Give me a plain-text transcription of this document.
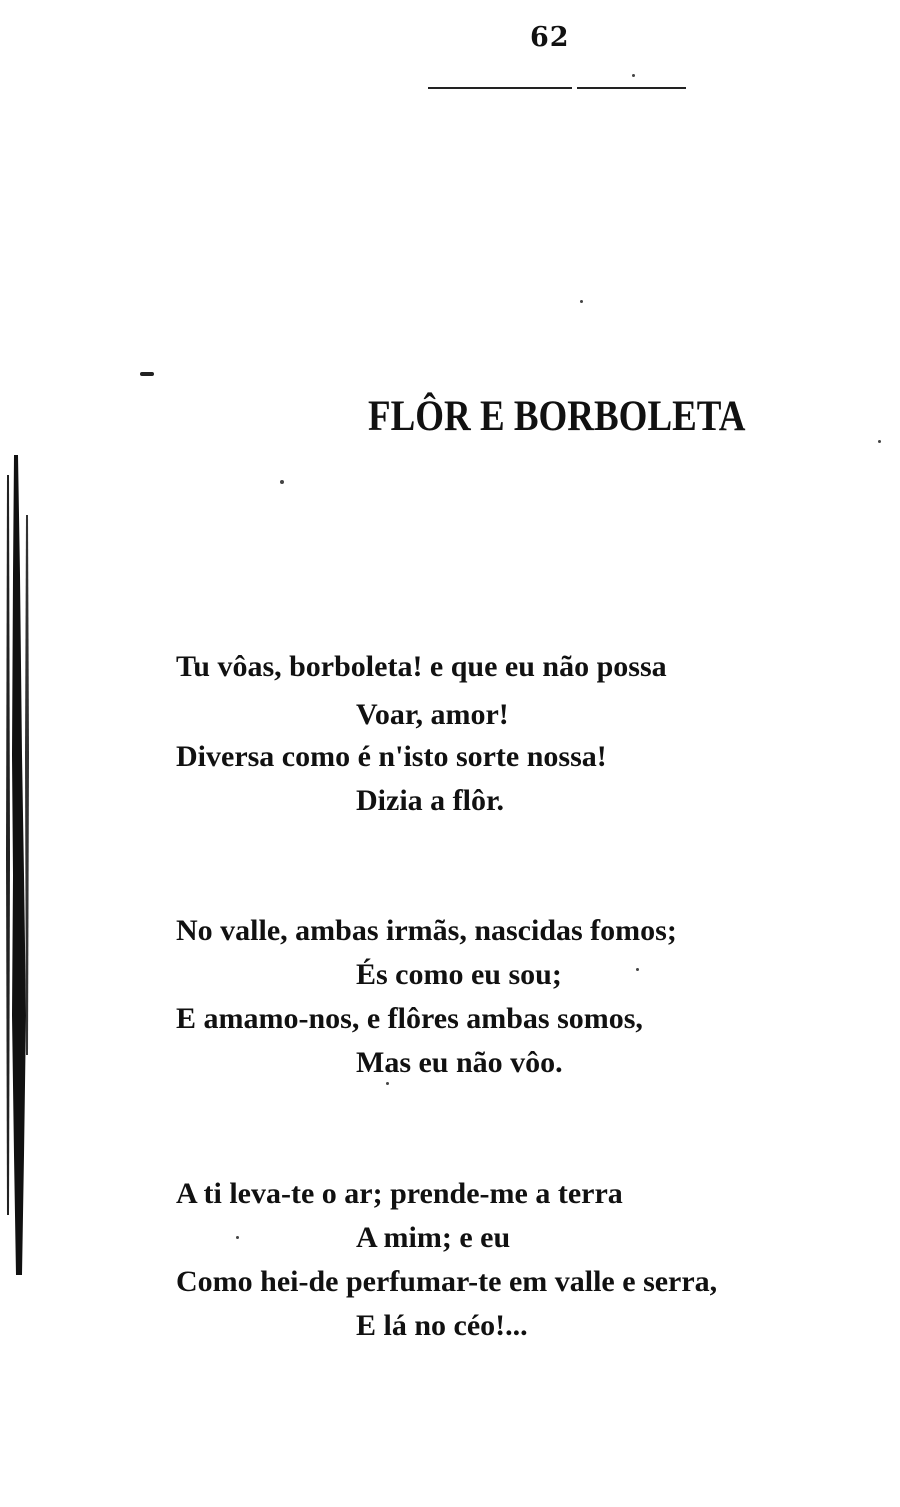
62
FLÔR E BORBOLETA
Tu vôas, borboleta! e que eu não possa
Voar, amor!
Diversa como é n'isto sorte nossa!
Dizia a flôr.
No valle, ambas irmãs, nascidas fomos;
És como eu sou;
E amamo-nos, e flôres ambas somos,
Mas eu não vôo.
A ti leva-te o ar; prende-me a terra
A mim; e eu
Como hei-de perfumar-te em valle e serra,
E lá no céo!...
